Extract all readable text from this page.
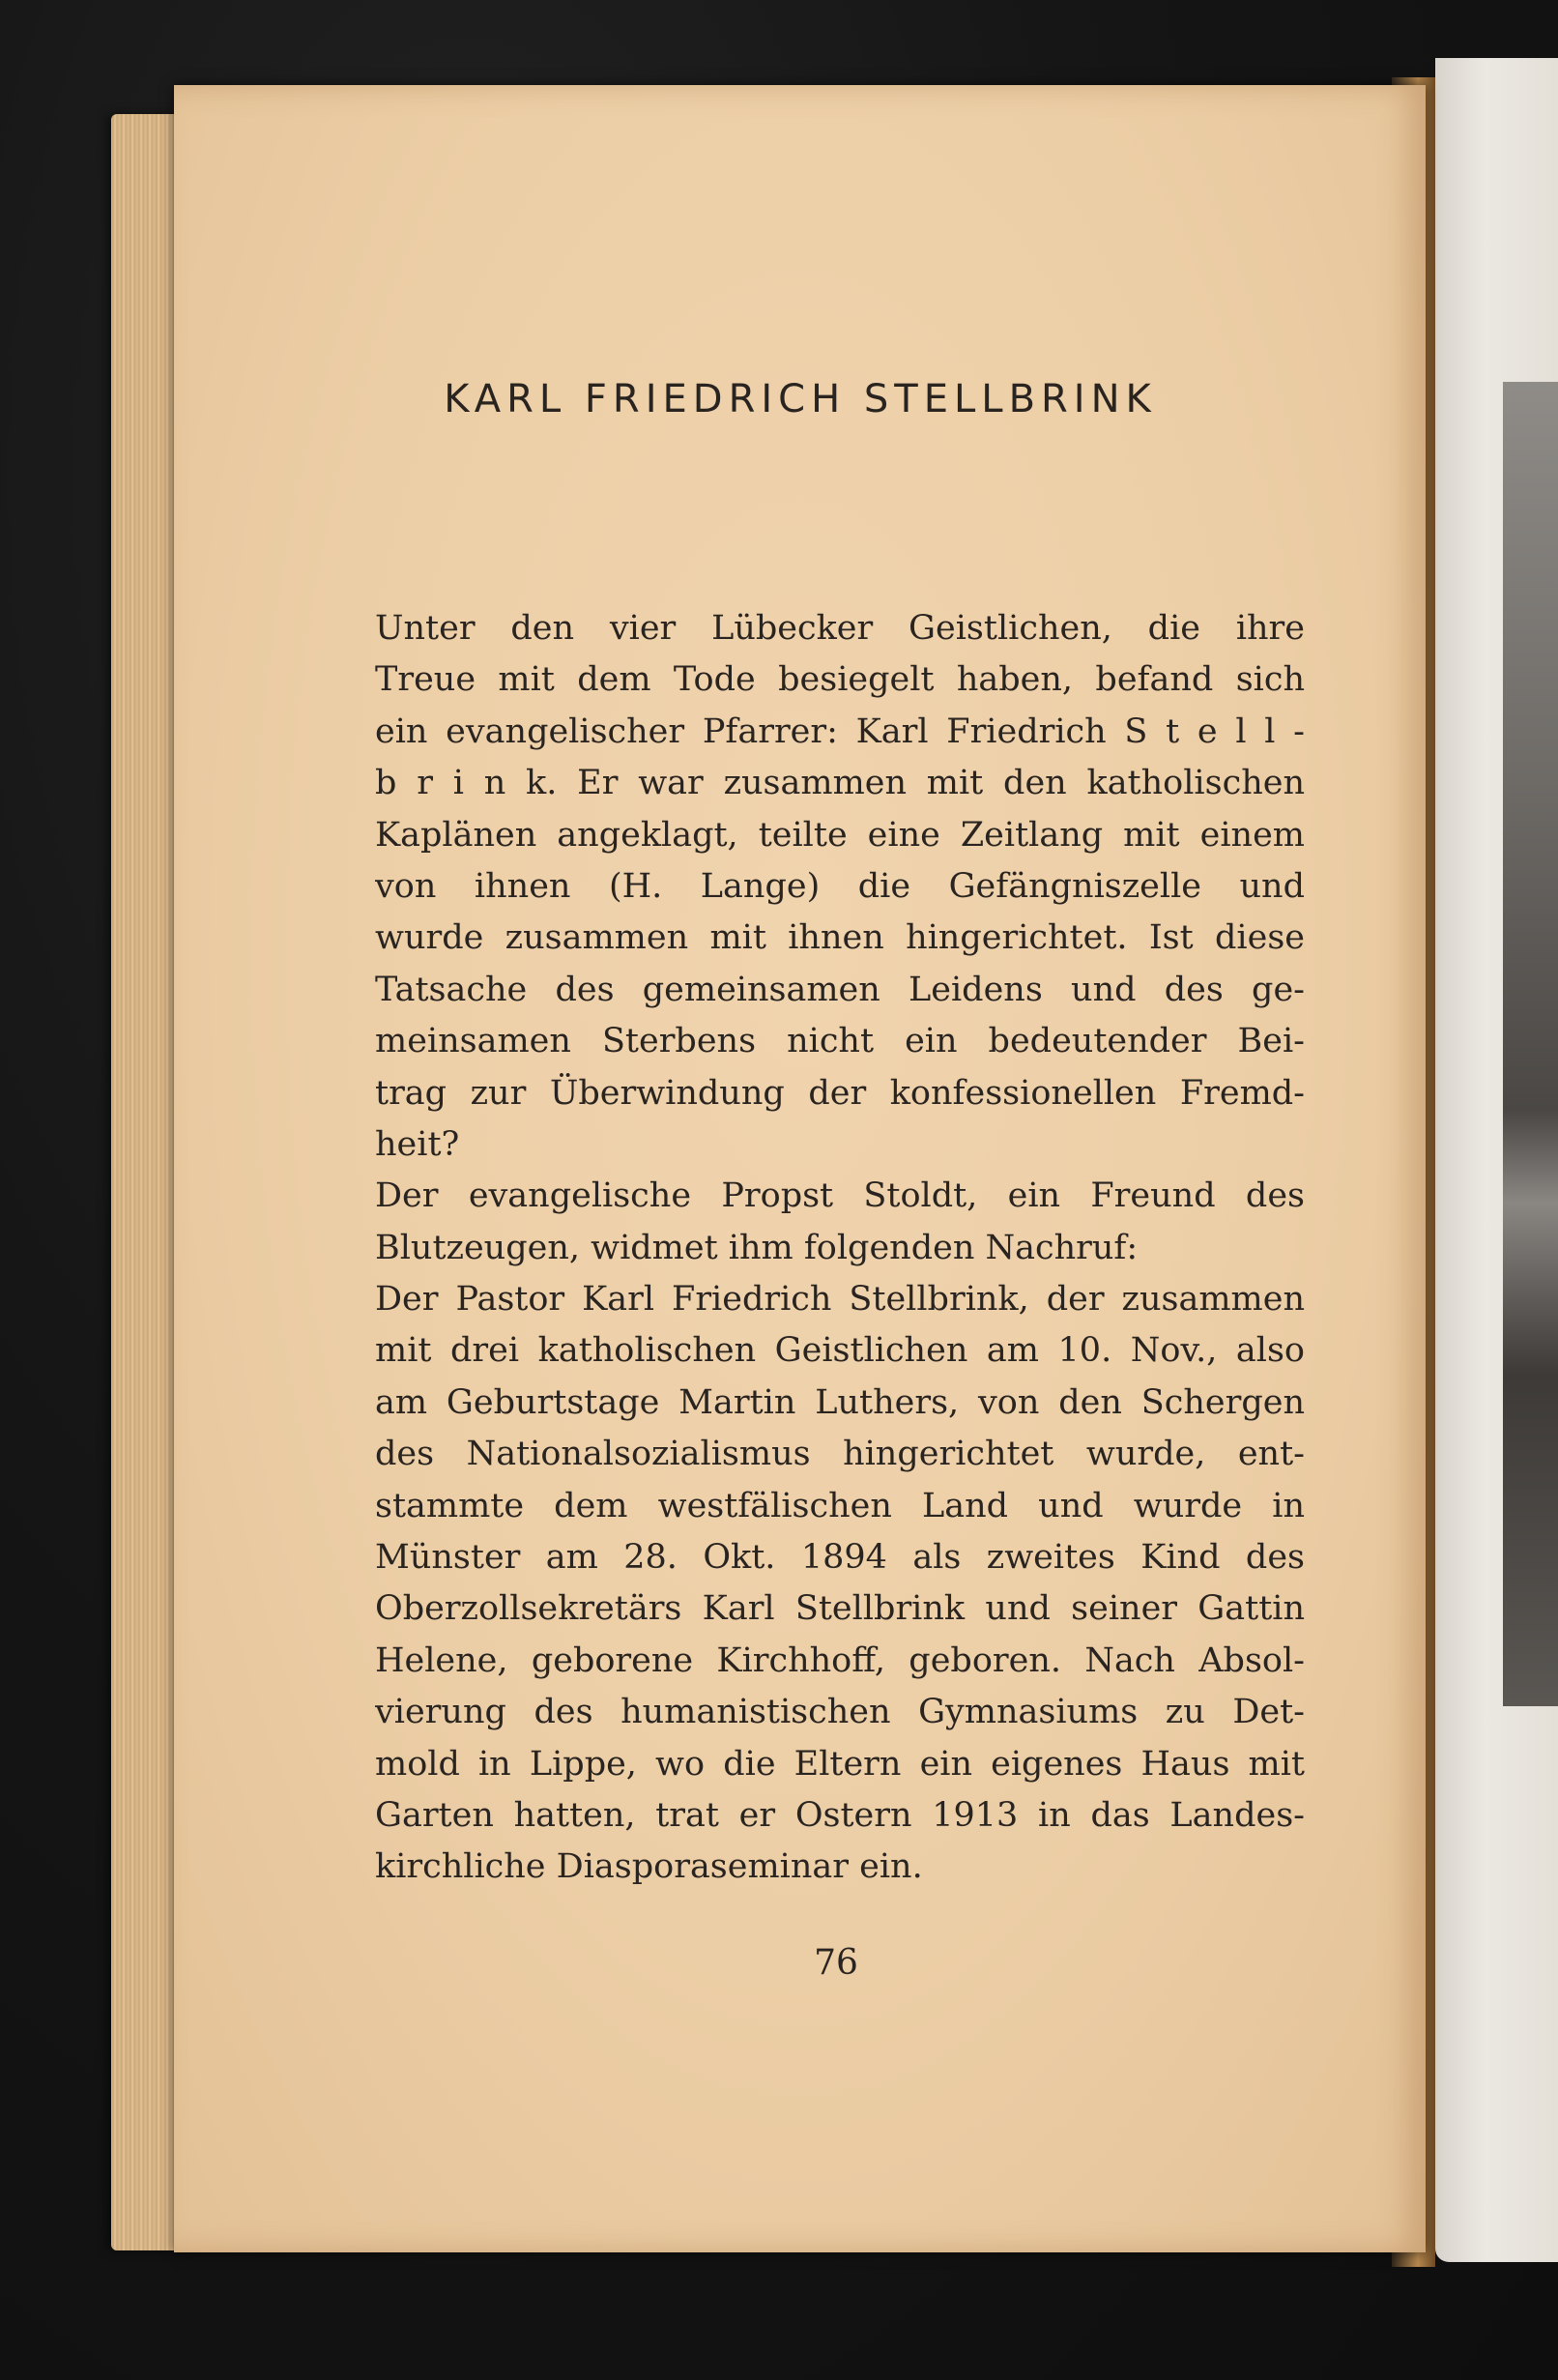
KARL FRIEDRICH STELLBRINK
Unter den vier Lübecker Geistlichen, die ihre
Treue mit dem Tode besiegelt haben, befand sich
ein evangelischer Pfarrer: Karl Friedrich S t e l l -
b r i n k. Er war zusammen mit den katholischen
Kaplänen angeklagt, teilte eine Zeitlang mit einem
von ihnen (H. Lange) die Gefängniszelle und
wurde zusammen mit ihnen hingerichtet. Ist diese
Tatsache des gemeinsamen Leidens und des ge-
meinsamen Sterbens nicht ein bedeutender Bei-
trag zur Überwindung der konfessionellen Fremd-
heit?
Der evangelische Propst Stoldt, ein Freund des
Blutzeugen, widmet ihm folgenden Nachruf:
Der Pastor Karl Friedrich Stellbrink, der zusammen
mit drei katholischen Geistlichen am 10. Nov., also
am Geburtstage Martin Luthers, von den Schergen
des Nationalsozialismus hingerichtet wurde, ent-
stammte dem westfälischen Land und wurde in
Münster am 28. Okt. 1894 als zweites Kind des
Oberzollsekretärs Karl Stellbrink und seiner Gattin
Helene, geborene Kirchhoff, geboren. Nach Absol-
vierung des humanistischen Gymnasiums zu Det-
mold in Lippe, wo die Eltern ein eigenes Haus mit
Garten hatten, trat er Ostern 1913 in das Landes-
kirchliche Diasporaseminar ein.
76
